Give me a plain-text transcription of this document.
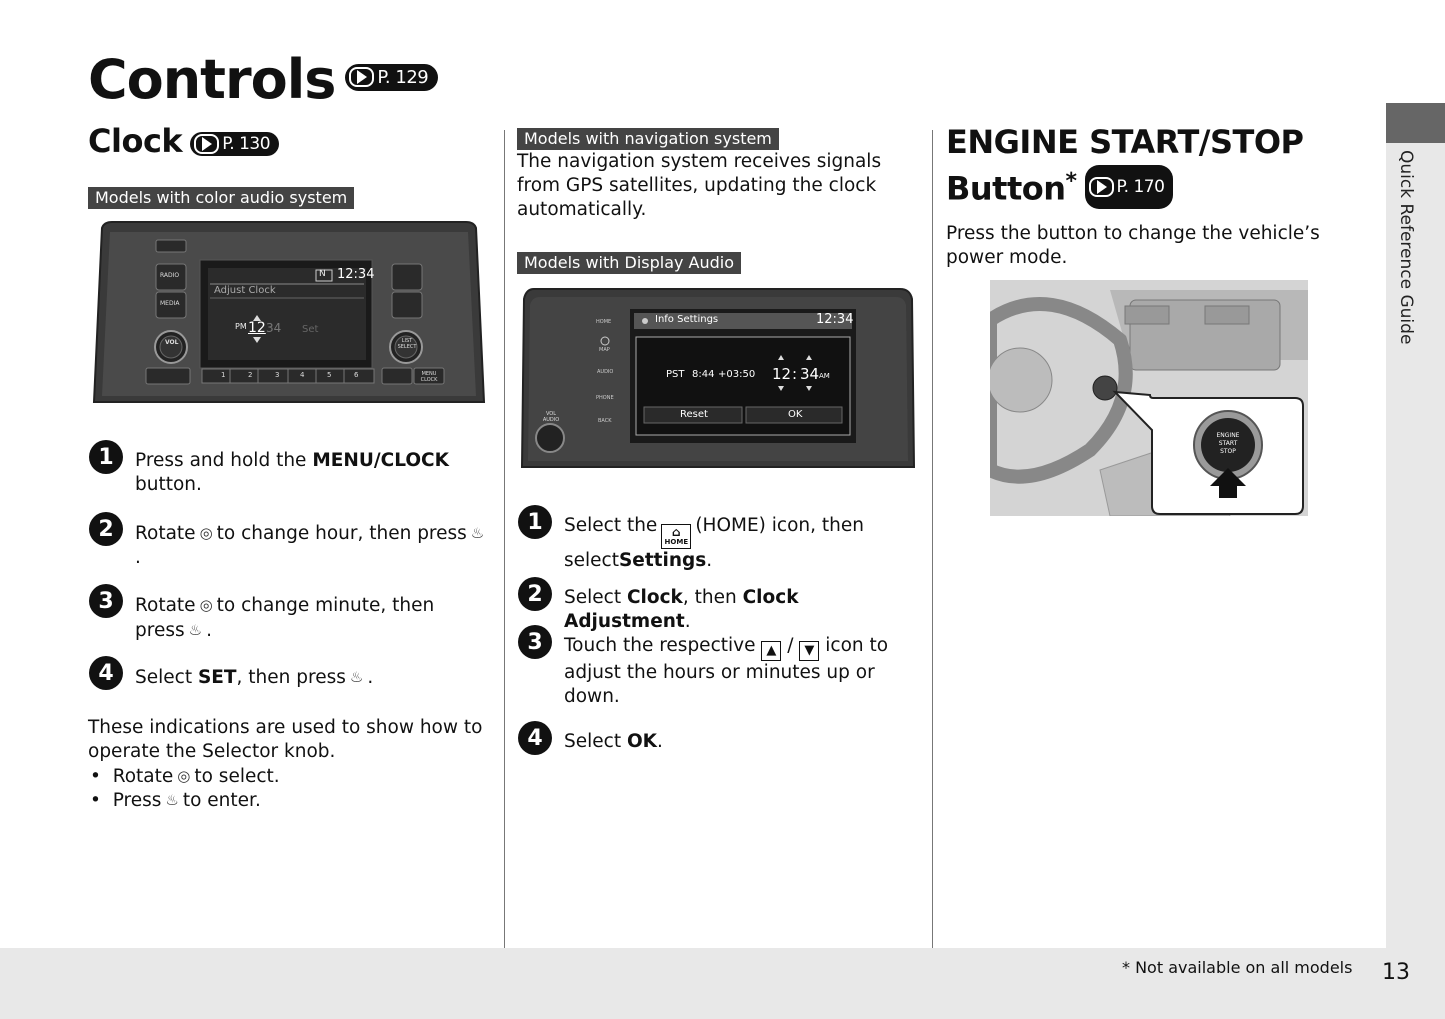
Controls P. 129
Clock P. 130
Models with color audio system
RADIO
MEDIA
VOL	LIST SELECT
MENU CLOCK
N 12:34
Adjust Clock
PM 12 34 Set
1	2	3	4	5	6
1	Press and hold the MENU/CLOCK button.
2	Rotate ◎ to change hour, then press ♨.
3	Rotate ◎ to change minute, then press ♨ .
4	Select SET, then press ♨ .
These indications are used to show how to operate the Selector knob.
•  Rotate ◎ to select.
•  Press ♨ to enter.
Models with navigation system
The navigation system receives signals from GPS satellites, updating the clock automatically.
Models with Display Audio
HOME
MAP
AUDIO
PHONE
BACK
VOL AUDIO
Info Settings	12:34
PST 8:44 +03:50 12 : 34 AM
Reset	OK
1	Select the ⌂
HOME
(HOME) icon, then selectSettings.
2	Select Clock, then Clock Adjustment.
3	Touch the respective ▲ / ▼ icon to adjust the hours or minutes up or down.
4	Select OK.
ENGINE START/STOP
Button* P. 170
Press the button to change the vehicle’s power mode.
ENGINE
START
STOP
Quick Reference Guide
* Not available on all models 13
